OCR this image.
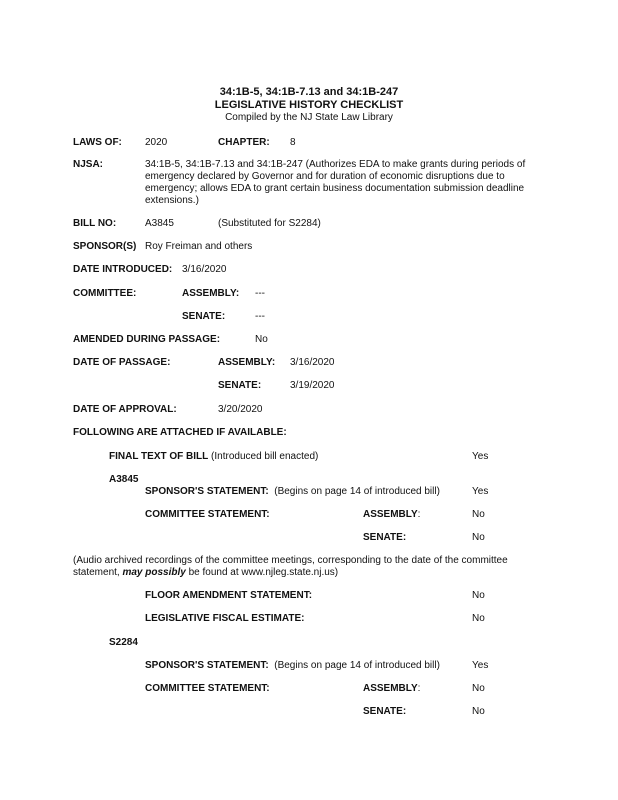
34:1B-5, 34:1B-7.13 and 34:1B-247
LEGISLATIVE HISTORY CHECKLIST
Compiled by the NJ State Law Library
LAWS OF: 2020	CHAPTER: 8
NJSA:	34:1B-5, 34:1B-7.13 and 34:1B-247 (Authorizes EDA to make grants during periods of
emergency declared by Governor and for duration of economic disruptions due to
emergency; allows EDA to grant certain business documentation submission deadline
extensions.)
BILL NO:	A3845	(Substituted for S2284)
SPONSOR(S) Roy Freiman and others
DATE INTRODUCED: 3/16/2020
COMMITTEE:	ASSEMBLY: ---
SENATE:	---
AMENDED DURING PASSAGE:	No
DATE OF PASSAGE:	ASSEMBLY: 3/16/2020
SENATE:	3/19/2020
DATE OF APPROVAL:	3/20/2020
FOLLOWING ARE ATTACHED IF AVAILABLE:
FINAL TEXT OF BILL (Introduced bill enacted)	Yes
A3845
SPONSOR'S STATEMENT: (Begins on page 14 of introduced bill)	Yes
COMMITTEE STATEMENT:	ASSEMBLY:	No
SENATE:	No
(Audio archived recordings of the committee meetings, corresponding to the date of the committee
statement, may possibly be found at www.njleg.state.nj.us)
FLOOR AMENDMENT STATEMENT:	No
LEGISLATIVE FISCAL ESTIMATE:	No
S2284
SPONSOR'S STATEMENT: (Begins on page 14 of introduced bill)	Yes
COMMITTEE STATEMENT:	ASSEMBLY:	No
SENATE:	No
